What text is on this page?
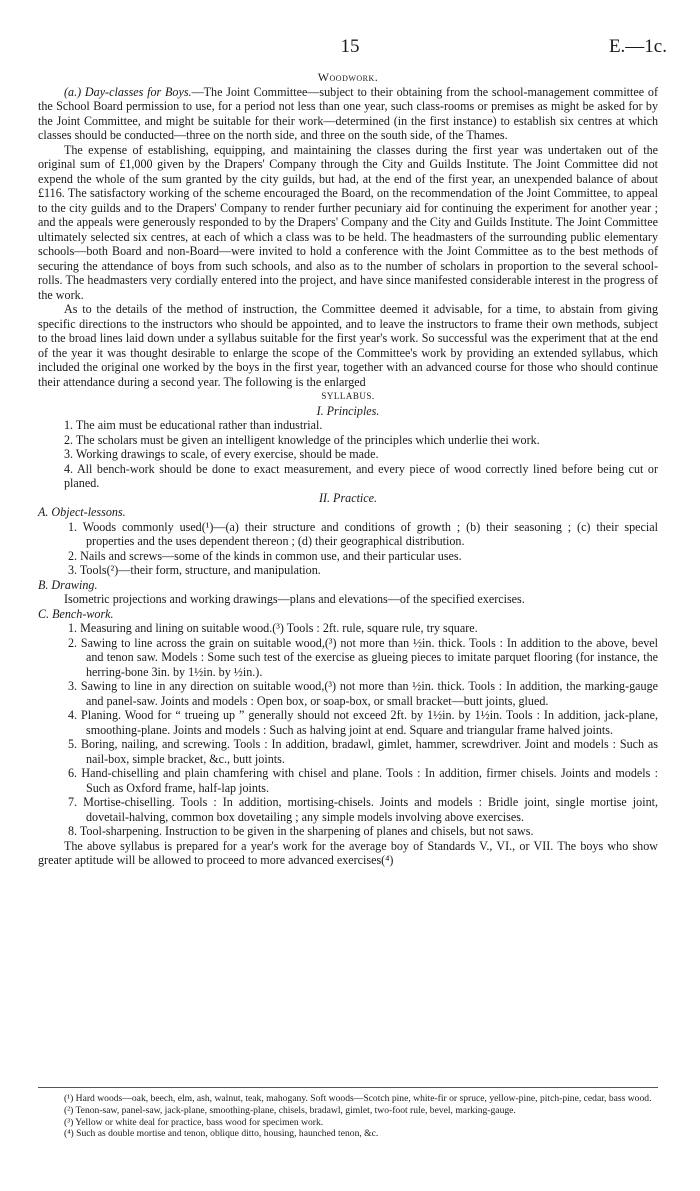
15	E.—1c.

Woodwork.

(a.) Day-classes for Boys.—The Joint Committee—subject to their obtaining from the school-management committee of the School Board permission to use, for a period not less than one year, such class-rooms or premises as might be asked for by the Joint Committee, and might be suitable for their work—determined (in the first instance) to establish six centres at which classes should be conducted—three on the north side, and three on the south side, of the Thames.

The expense of establishing, equipping, and maintaining the classes during the first year was undertaken out of the original sum of £1,000 given by the Drapers' Company through the City and Guilds Institute. The Joint Committee did not expend the whole of the sum granted by the city guilds, but had, at the end of the first year, an unexpended balance of about £116. The satisfactory working of the scheme encouraged the Board, on the recommendation of the Joint Committee, to appeal to the city guilds and to the Drapers' Company to render further pecuniary aid for continuing the experiment for another year ; and the appeals were generously responded to by the Drapers' Company and the City and Guilds Institute. The Joint Committee ultimately selected six centres, at each of which a class was to be held. The headmasters of the surrounding public elementary schools—both Board and non-Board—were invited to hold a conference with the Joint Committee as to the best methods of securing the attendance of boys from such schools, and also as to the number of scholars in proportion to the several school-rolls. The headmasters very cordially entered into the project, and have since manifested considerable interest in the progress of the work.

As to the details of the method of instruction, the Committee deemed it advisable, for a time, to abstain from giving specific directions to the instructors who should be appointed, and to leave the instructors to frame their own methods, subject to the broad lines laid down under a syllabus suitable for the first year's work. So successful was the experiment that at the end of the year it was thought desirable to enlarge the scope of the Committee's work by providing an extended syllabus, which included the original one worked by the boys in the first year, together with an advanced course for those who should continue their attendance during a second year. The following is the enlarged

SYLLABUS.

I. Principles.

1. The aim must be educational rather than industrial.

2. The scholars must be given an intelligent knowledge of the principles which underlie thei work.

3. Working drawings to scale, of every exercise, should be made.

4. All bench-work should be done to exact measurement, and every piece of wood correctly lined before being cut or planed.

II. Practice.

A. Object-lessons.

1. Woods commonly used(¹)—(a) their structure and conditions of growth ; (b) their seasoning ; (c) their special properties and the uses dependent thereon ; (d) their geographical distribution.

2. Nails and screws—some of the kinds in common use, and their particular uses.

3. Tools(²)—their form, structure, and manipulation.

B. Drawing.

Isometric projections and working drawings—plans and elevations—of the specified exercises.

C. Bench-work.

1. Measuring and lining on suitable wood.(³) Tools : 2ft. rule, square rule, try square.

2. Sawing to line across the grain on suitable wood,(³) not more than ½in. thick. Tools : In addition to the above, bevel and tenon saw. Models : Some such test of the exercise as glueing pieces to imitate parquet flooring (for instance, the herring-bone 3in. by 1½in. by ½in.).

3. Sawing to line in any direction on suitable wood,(³) not more than ½in. thick. Tools : In addition, the marking-gauge and panel-saw. Joints and models : Open box, or soap-box, or small bracket—butt joints, glued.

4. Planing. Wood for “ trueing up ” generally should not exceed 2ft. by 1½in. by 1½in. Tools : In addition, jack-plane, smoothing-plane. Joints and models : Such as halving joint at end. Square and triangular frame halved joints.

5. Boring, nailing, and screwing. Tools : In addition, bradawl, gimlet, hammer, screwdriver. Joint and models : Such as nail-box, simple bracket, &c., butt joints.

6. Hand-chiselling and plain chamfering with chisel and plane. Tools : In addition, firmer chisels. Joints and models : Such as Oxford frame, half-lap joints.

7. Mortise-chiselling. Tools : In addition, mortising-chisels. Joints and models : Bridle joint, single mortise joint, dovetail-halving, common box dovetailing ; any simple models involving above exercises.

8. Tool-sharpening. Instruction to be given in the sharpening of planes and chisels, but not saws.

The above syllabus is prepared for a year's work for the average boy of Standards V., VI., or VII. The boys who show greater aptitude will be allowed to proceed to more advanced exercises(⁴)

(¹) Hard woods—oak, beech, elm, ash, walnut, teak, mahogany. Soft woods—Scotch pine, white-fir or spruce, yellow-pine, pitch-pine, cedar, bass wood.

(²) Tenon-saw, panel-saw, jack-plane, smoothing-plane, chisels, bradawl, gimlet, two-foot rule, bevel, marking-gauge.

(³) Yellow or white deal for practice, bass wood for specimen work.

(⁴) Such as double mortise and tenon, oblique ditto, housing, haunched tenon, &c.
